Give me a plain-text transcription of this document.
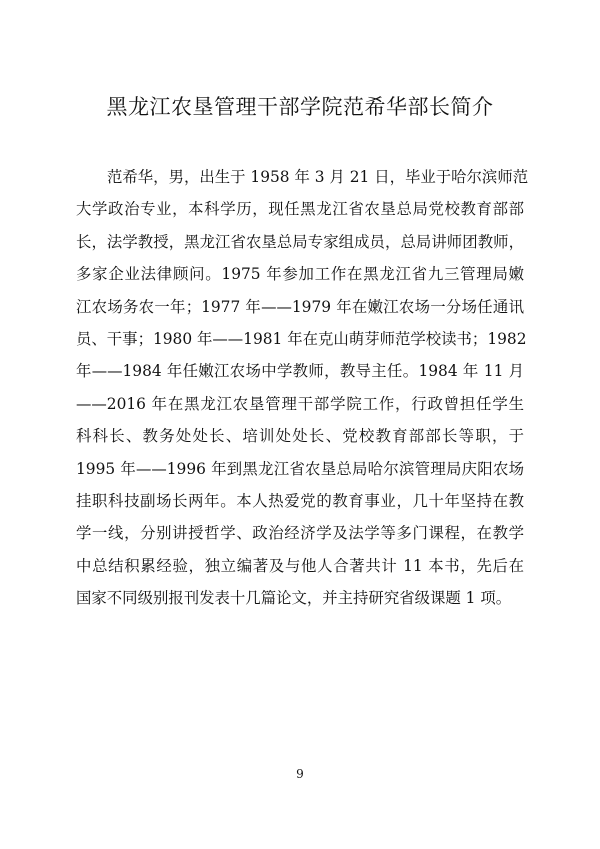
黑龙江农垦管理干部学院范希华部长简介
范希华，男，出生于 1958 年 3 月 21 日，毕业于哈尔滨师范
大学政治专业，本科学历，现任黑龙江省农垦总局党校教育部部
长，法学教授，黑龙江省农垦总局专家组成员，总局讲师团教师，
多家企业法律顾问。1975 年参加工作在黑龙江省九三管理局嫩
江农场务农一年；1977 年——1979 年在嫩江农场一分场任通讯
员、干事；1980 年——1981 年在克山萌芽师范学校读书；1982
年——1984 年任嫩江农场中学教师，教导主任。1984 年 11 月
——2016 年在黑龙江农垦管理干部学院工作，行政曾担任学生
科科长、教务处处长、培训处处长、党校教育部部长等职，于
1995 年——1996 年到黑龙江省农垦总局哈尔滨管理局庆阳农场
挂职科技副场长两年。本人热爱党的教育事业，几十年坚持在教
学一线，分别讲授哲学、政治经济学及法学等多门课程，在教学
中总结积累经验，独立编著及与他人合著共计 11 本书，先后在
国家不同级别报刊发表十几篇论文，并主持研究省级课题 1 项。
9
